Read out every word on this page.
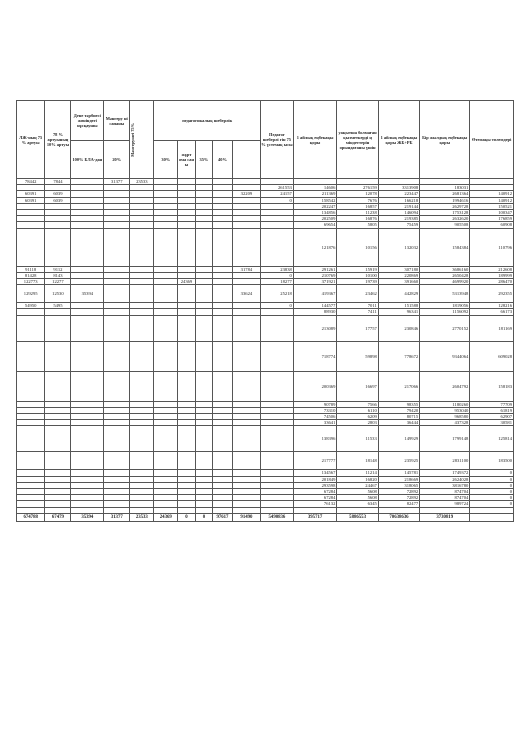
ЛЖ-ның 75 % артуы	78 % артуының 10% артуы	Дене тәрбиесі жөніндегі нұсқаушы	Мәнгеру ні сапаны	Мәнгерушеі 75%	педагогикалық шеберлік					Педагог шеберлі гін 75 % үстемақ ысы	1 айлық еңбекақы қоры	уақытша болмаған қызметкерді ң міндеттерін орындағаны үшін	1 айлық еңбекақы қоры ЖБ+РБ	Бір жылдық еңбекақы қоры	Өтемақы төлемдері
		100% БЛА-дан	20%		30%	жұрт ома сан ы	35%	40%							
78442	7844		31377	23533											
										261553	14606	276159	3313908	183031	
60391	6039								32209	24157	211369	12078	223447	2681364	140912
60391	6039									0	158542	7676	166218	1994616	140912
											202247	16857	219144	2629728	150521
											134856	11238	146094	1753128	100347
											202509	16876	219385	2632620	176859
											69654	5805	75459	905508	60908
											121876	10156	132032	1584384	110796
91118	9112								31784	23838	291261	15919	307180	3686160	212608
81428	8143									0	210769	10100	220869	2650428	189999
122773	12277					24369				18277	371921	19739	391660	4699920	286470
129295	12530	35394							33624	25218	419367	23462	442829	5313948	292355
54950	5495									0	144577	7011	151588	1819056	128216
											88930	7411	96341	1156092	66173
											213089	17757	230846	2770152	181169
											718774	59898	778672	9344064	609028
											200369	16697	217066	2604792	158183
											90789	7566	98355	1180260	77709
											73310	6110	79420	953040	61819
											74506	6209	80715	968580	62907
											33641	2803	36444	437328	30581
											138396	11533	149929	1799148	125814
											217777	18148	235925	2831100	183500
											134567	11214	145781	1749372	0
											201849	16820	218669	2624028	0
											293598	24467	318065	3816780	0
											67284	5608	72892	874704	0
											67284	5608	72892	874704	0
											76132	6345	82477	989724	0

674788	67479	35394	31377	23533	24369	0	0	97617	91490	5490836	395717	5886553	70638636	3730819	
